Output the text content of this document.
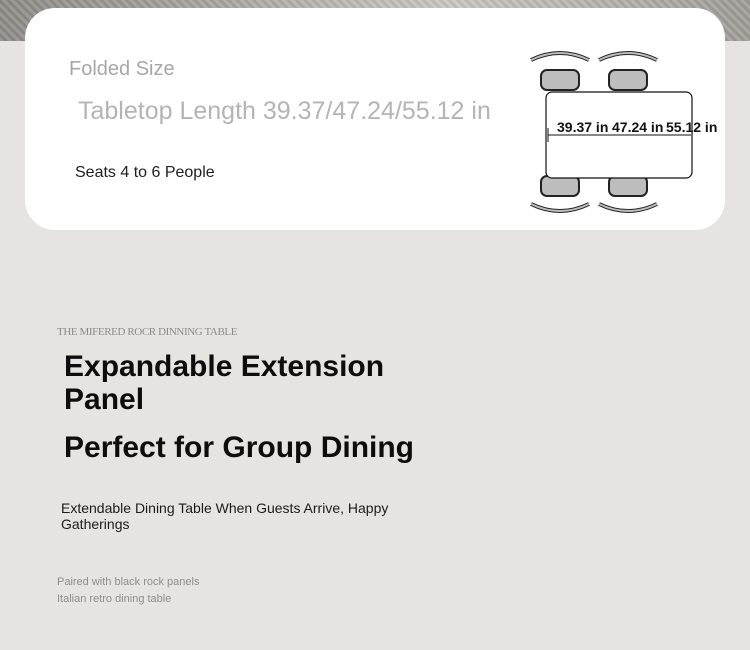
Folded Size
Tabletop Length 39.37/47.24/55.12 in
Seats 4 to 6 People
39.37 in 47.24 in 55.12 in
THE MIFERED ROCR DINNING TABLE
Expandable Extension Panel
Perfect for Group Dining
Extendable Dining Table When Guests Arrive, Happy Gatherings
Paired with black rock panels
Italian retro dining table
